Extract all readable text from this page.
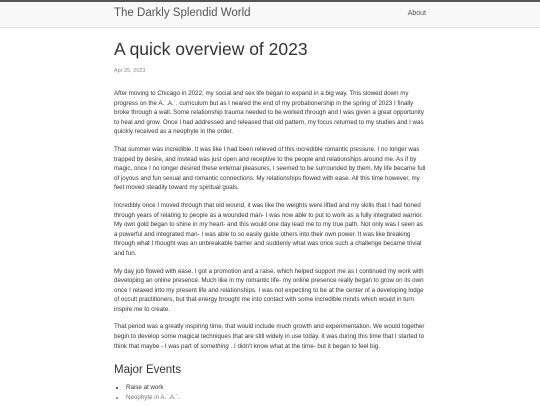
The Darkly Splendid World	About
A quick overview of 2023
Apr 25, 2023

After moving to Chicago in 2022, my social and sex life began to expand in a big way. This slowed down my progress on the A.˙.A.˙. curriculum but as I neared the end of my probationership in the spring of 2023 I finally broke through a wall. Some relationship trauma needed to be worked through and I was given a great opportunity to heal and grow. Once I had addressed and released that old pattern, my focus returned to my studies and I was quickly received as a neophyte in the order.

That summer was incredible. It was like I had been relieved of this incredible romantic pressure. I no longer was trapped by desire, and instead was just open and receptive to the people and relationships around me. As if by magic, once I no longer desired these external pleasures, I seemed to be surrounded by them. My life became full of joyous and fun sexual and romantic connections. My relationships flowed with ease. All this time however, my feet moved steadily toward my spiritual goals.

Incredibly once I moved through that old wound, it was like the weights were lifted and my skills that I had honed through years of relating to people as a wounded man- I was now able to put to work as a fully integrated warrior. My own gold began to shine in my heart- and this would one day lead me to my true path. Not only was I seen as a powerful and integrated man- I was able to so easily guide others into their own power. It was like breaking through what I thought was an unbreakable barrier and suddenly what was once such a challenge became trivial and fun.

My day job flowed with ease. I got a promotion and a raise, which helped support me as I continued my work with developing an online presence. Much like in my romantic life- my online presence really began to grow on its own once I relaxed into my present life and relationships. I was not expecting to be at the center of a developing lodge of occult practitioners, but that energy brought me into contact with some incredible minds which would in turn inspire me to create.

That period was a greatly inspiring time, that would include much growth and experimentation. We would together begin to develop some magical techniques that are still widely in use today. It was during this time that I started to think that maybe - I was part of something . I didn't know what at the time- but it began to feel big.

Major Events
• Raise at work
• Neophyte in A.˙.A.˙.
